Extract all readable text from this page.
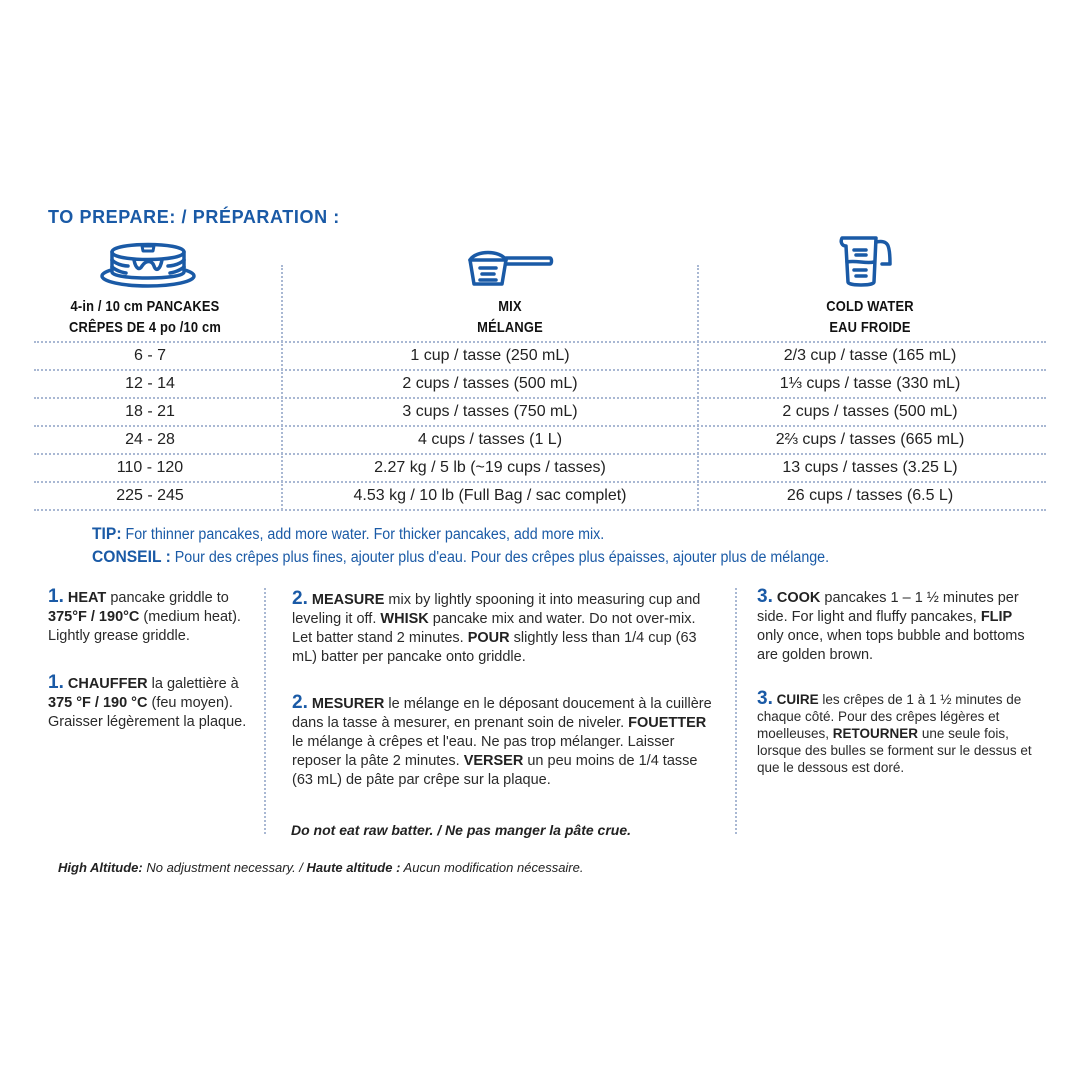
TO PREPARE: / PRÉPARATION :
4-in / 10 cm PANCAKES
CRÊPES DE 4 po /10 cm
MIX
MÉLANGE
COLD WATER
EAU FROIDE
6 - 7	1 cup / tasse (250 mL)	2/3 cup / tasse (165 mL)
12 - 14	2 cups / tasses (500 mL)	1⅓ cups / tasse (330 mL)
18 - 21	3 cups / tasses (750 mL)	2 cups / tasses (500 mL)
24 - 28	4 cups / tasses (1 L)	2⅔ cups / tasses (665 mL)
110 - 120	2.27 kg / 5 lb (~19 cups / tasses)	13 cups / tasses (3.25 L)
225 - 245	4.53 kg / 10 lb (Full Bag / sac complet)	26 cups / tasses (6.5 L)
TIP: For thinner pancakes, add more water. For thicker pancakes, add more mix.
CONSEIL : Pour des crêpes plus fines, ajouter plus d'eau. Pour des crêpes plus épaisses, ajouter plus de mélange.
1. HEAT pancake griddle to 375°F / 190°C (medium heat). Lightly grease griddle.
1. CHAUFFER la galettière à 375 °F / 190 °C (feu moyen). Graisser légèrement la plaque.
2. MEASURE mix by lightly spooning it into measuring cup and leveling it off. WHISK pancake mix and water. Do not over-mix. Let batter stand 2 minutes. POUR slightly less than 1/4 cup (63 mL) batter per pancake onto griddle.
2. MESURER le mélange en le déposant doucement à la cuillère dans la tasse à mesurer, en prenant soin de niveler. FOUETTER le mélange à crêpes et l'eau. Ne pas trop mélanger. Laisser reposer la pâte 2 minutes. VERSER un peu moins de 1/4 tasse (63 mL) de pâte par crêpe sur la plaque.
Do not eat raw batter. / Ne pas manger la pâte crue.
3. COOK pancakes 1 – 1 ½ minutes per side. For light and fluffy pancakes, FLIP only once, when tops bubble and bottoms are golden brown.
3. CUIRE les crêpes de 1 à 1 ½ minutes de chaque côté. Pour des crêpes légères et moelleuses, RETOURNER une seule fois, lorsque des bulles se forment sur le dessus et que le dessous est doré.
High Altitude: No adjustment necessary. / Haute altitude : Aucun modification nécessaire.
